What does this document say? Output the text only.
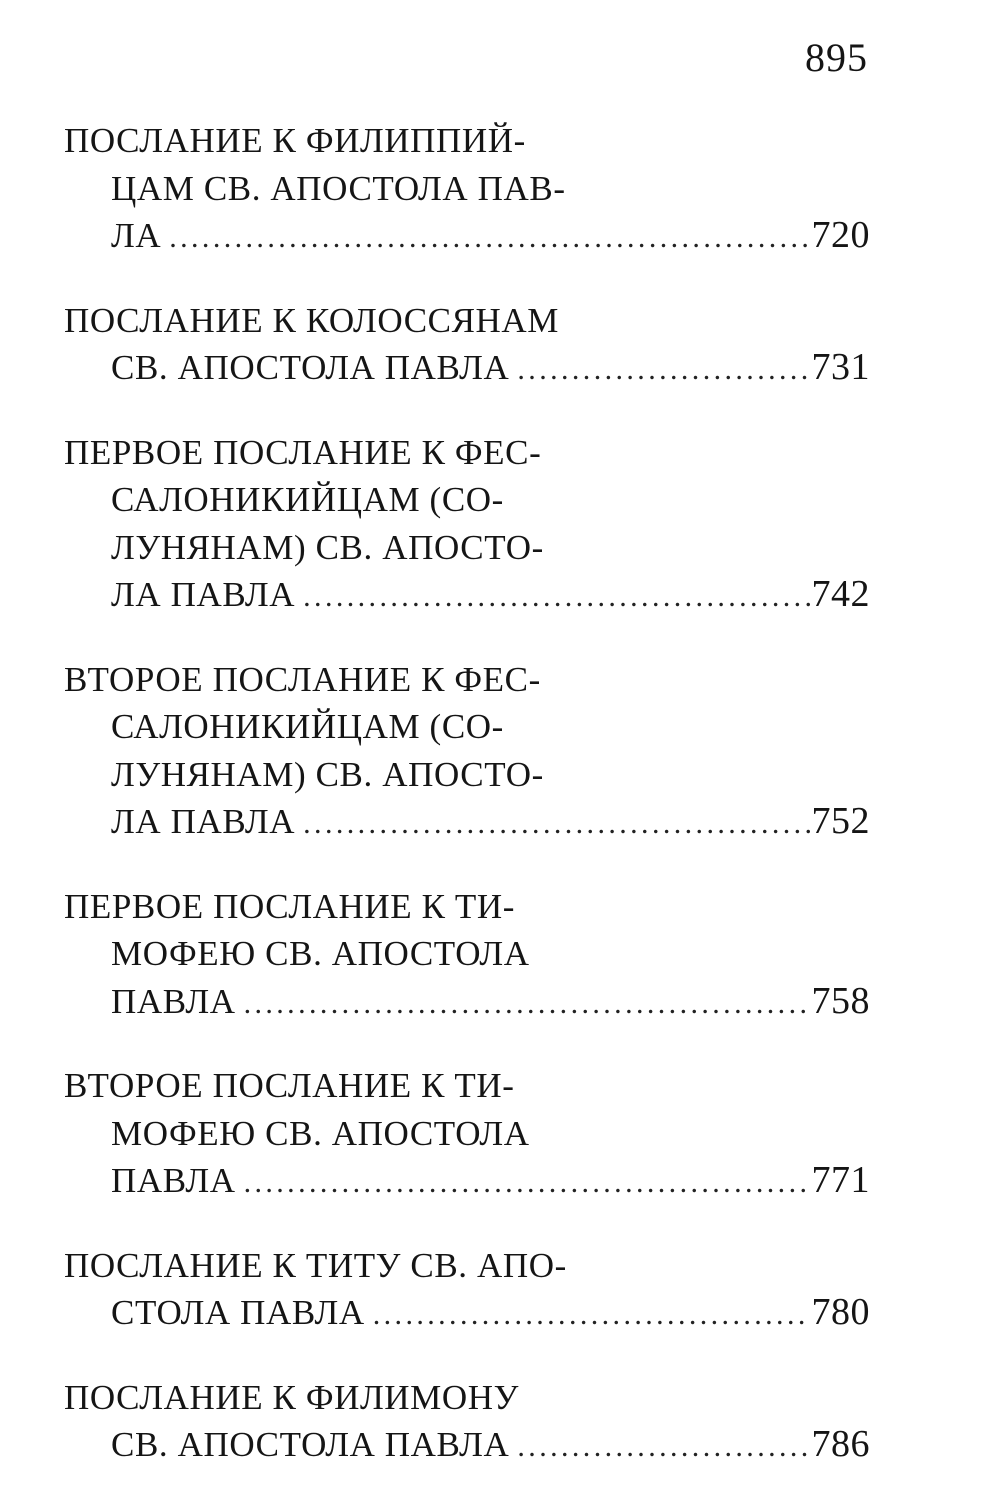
895
ПОСЛАНИЕ К ФИЛИППИЙ-
ЦАМ СВ. АПОСТОЛА ПАВ-
ЛА .....	720
ПОСЛАНИЕ К КОЛОССЯНАМ
СВ. АПОСТОЛА ПАВЛА .....	731
ПЕРВОЕ ПОСЛАНИЕ К ФЕС-
САЛОНИКИЙЦАМ (СО-
ЛУНЯНАМ) СВ. АПОСТО-
ЛА ПАВЛА .....	742
ВТОРОЕ ПОСЛАНИЕ К ФЕС-
САЛОНИКИЙЦАМ (СО-
ЛУНЯНАМ) СВ. АПОСТО-
ЛА ПАВЛА .....	752
ПЕРВОЕ ПОСЛАНИЕ К ТИ-
МОФЕЮ СВ. АПОСТОЛА
ПАВЛА .....	758
ВТОРОЕ ПОСЛАНИЕ К ТИ-
МОФЕЮ СВ. АПОСТОЛА
ПАВЛА .....	771
ПОСЛАНИЕ К ТИТУ СВ. АПО-
СТОЛА ПАВЛА .....	780
ПОСЛАНИЕ К ФИЛИМОНУ
СВ. АПОСТОЛА ПАВЛА .....	786
